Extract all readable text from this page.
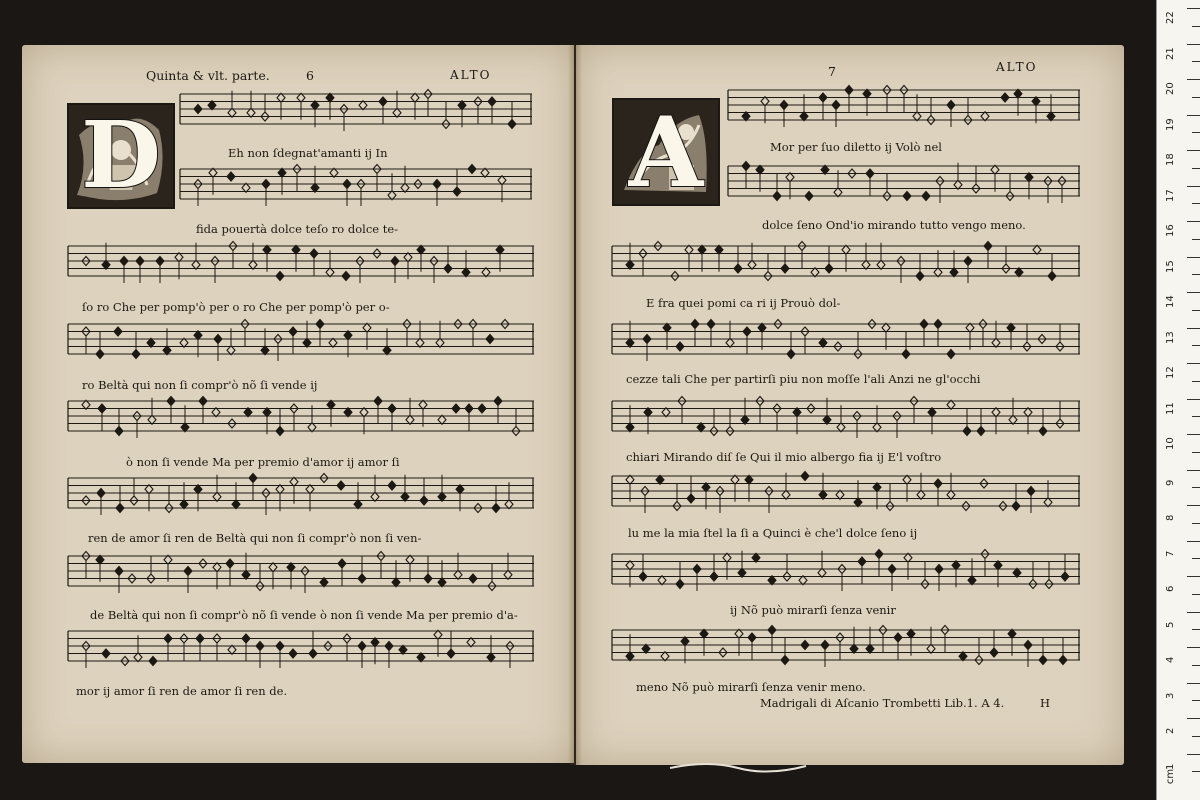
Quinta & vlt. parte.	6	ALTO
D
7	ALTO
A
Eh non ſdegnat'amanti ij In
fida pouertà dolce teſo ro dolce te-
ſo ro Che per pomp'ò per o ro Che per pomp'ò per o-
ro Beltà qui non ſi compr'ò nõ ſi vende ij
ò non ſi vende Ma per premio d'amor ij amor ſi
ren de amor ſi ren de Beltà qui non ſi compr'ò non ſi ven-
de Beltà qui non ſi compr'ò nõ ſi vende ò non ſi vende Ma per premio d'a-
mor ij amor ſi ren de amor ſi ren de.
Mor per ſuo diletto ij Volò nel
dolce ſeno Ond'io mirando tutto vengo meno.
E fra quei pomi ca ri ij Prouò dol-
cezze tali Che per partirſi piu non moſſe l'ali Anzi ne gl'occhi
chiari Mirando diſ ſe Qui il mio albergo fia ij E'l voſtro
lu me la mia ſtel la ſi a Quinci è che'l dolce ſeno ij
ij Nõ può mirarſi ſenza venir
meno Nõ può mirarſi ſenza venir meno.
Madrigali di Aſcanio Trombetti Lib.1. A 4.	H
cm
22
21
20
19
18
17
16
15
14
13
12
11
10
9
8
7
6
5
4
3
2
1
